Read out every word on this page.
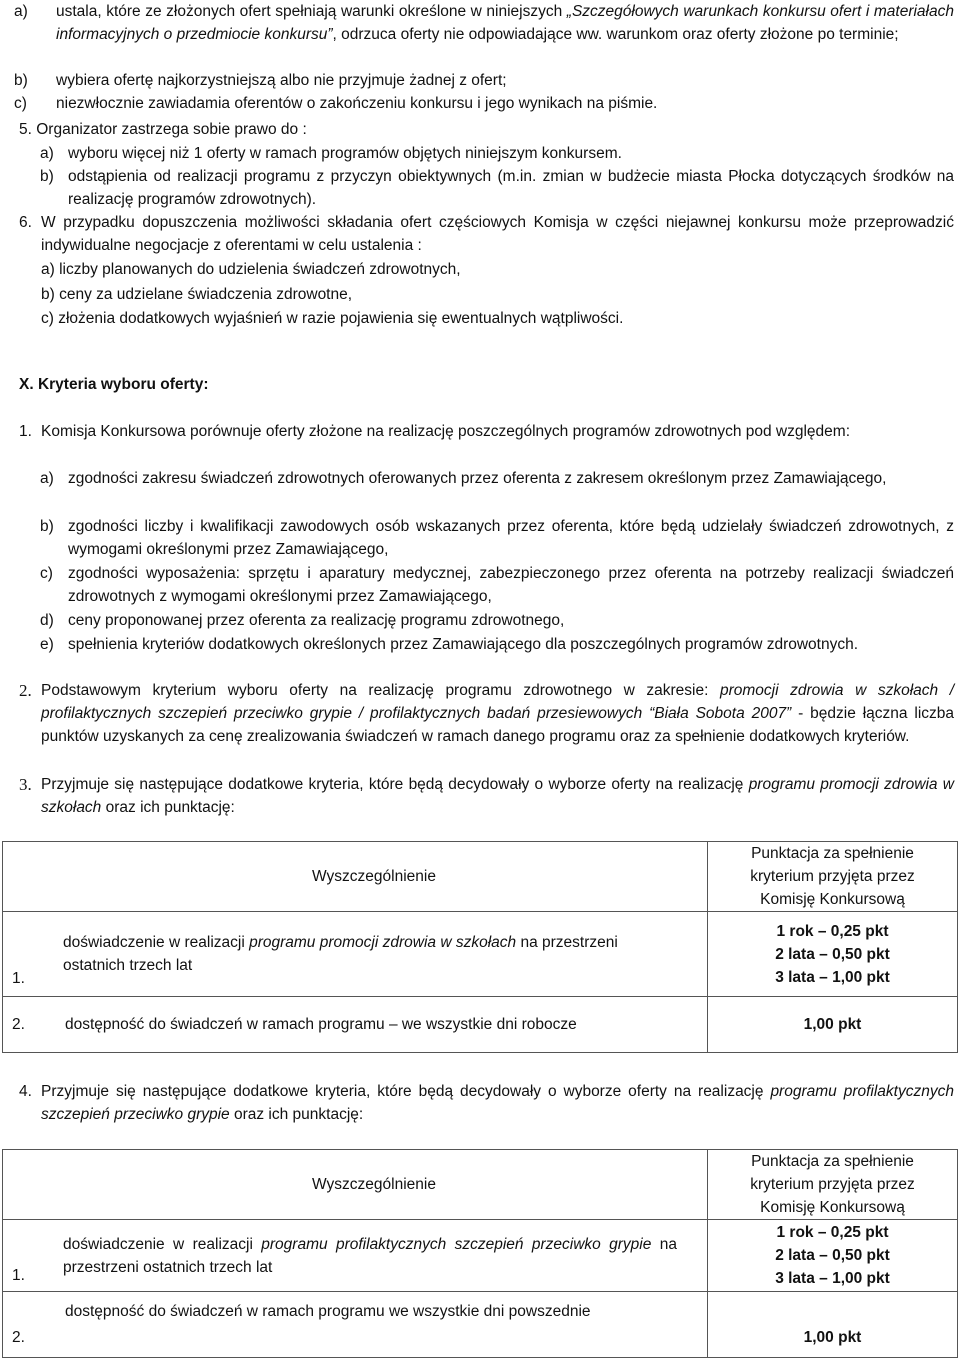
a) ustala, które ze złożonych ofert spełniają warunki określone w niniejszych „Szczegółowych warunkach konkursu ofert i materiałach informacyjnych o przedmiocie konkursu”, odrzuca oferty nie odpowiadające ww. warunkom oraz oferty złożone po terminie;
b) wybiera ofertę najkorzystniejszą albo nie przyjmuje żadnej z ofert;
c) niezwłocznie zawiadamia oferentów o zakończeniu konkursu i jego wynikach na piśmie.
5. Organizator zastrzega sobie prawo do :
a) wyboru więcej niż 1 oferty w ramach programów objętych niniejszym konkursem.
b) odstąpienia od realizacji programu z przyczyn obiektywnych (m.in. zmian w budżecie miasta Płocka dotyczących środków na realizację programów zdrowotnych).
6. W przypadku dopuszczenia możliwości składania ofert częściowych Komisja w części niejawnej konkursu może przeprowadzić indywidualne negocjacje z oferentami w celu ustalenia :
a) liczby planowanych do udzielenia świadczeń zdrowotnych,
b) ceny za udzielane świadczenia zdrowotne,
c) złożenia dodatkowych wyjaśnień w razie pojawienia się ewentualnych wątpliwości.
X. Kryteria wyboru oferty:
1. Komisja Konkursowa porównuje oferty złożone na realizację poszczególnych programów zdrowotnych pod względem:
a) zgodności zakresu świadczeń zdrowotnych oferowanych przez oferenta z zakresem określonym przez Zamawiającego,
b) zgodności liczby i kwalifikacji zawodowych osób wskazanych przez oferenta, które będą udzielały świadczeń zdrowotnych, z wymogami określonymi przez Zamawiającego,
c) zgodności wyposażenia: sprzętu i aparatury medycznej, zabezpieczonego przez oferenta na potrzeby realizacji świadczeń zdrowotnych z wymogami określonymi przez Zamawiającego,
d) ceny proponowanej przez oferenta za realizację programu zdrowotnego,
e) spełnienia kryteriów dodatkowych określonych przez Zamawiającego dla poszczególnych programów zdrowotnych.
2. Podstawowym kryterium wyboru oferty na realizację programu zdrowotnego w zakresie: promocji zdrowia w szkołach / profilaktycznych szczepień przeciwko grypie / profilaktycznych badań przesiewowych “Biała Sobota 2007” - będzie łączna liczba punktów uzyskanych za cenę zrealizowania świadczeń w ramach danego programu oraz za spełnienie dodatkowych kryteriów.
3. Przyjmuje się następujące dodatkowe kryteria, które będą decydowały o wyborze oferty na realizację programu promocji zdrowia w szkołach oraz ich punktację:
	Wyszczególnienie	Punktacja za spełnienie kryterium przyjęta przez Komisję Konkursową
1.	doświadczenie w realizacji programu promocji zdrowia w szkołach na przestrzeni ostatnich trzech lat	1 rok – 0,25 pkt
2 lata – 0,50 pkt
3 lata – 1,00 pkt

2.	dostępność do świadczeń w ramach programu – we wszystkie dni robocze	1,00 pkt
4. Przyjmuje się następujące dodatkowe kryteria, które będą decydowały o wyborze oferty na realizację programu profilaktycznych szczepień przeciwko grypie oraz ich punktację:
	Wyszczególnienie	Punktacja za spełnienie kryterium przyjęta przez Komisję Konkursową
1.	doświadczenie w realizacji programu profilaktycznych szczepień przeciwko grypie na przestrzeni ostatnich trzech lat	1 rok – 0,25 pkt
2 lata – 0,50 pkt
3 lata – 1,00 pkt

2.	dostępność do świadczeń w ramach programu we wszystkie dni powszednie	1,00 pkt
